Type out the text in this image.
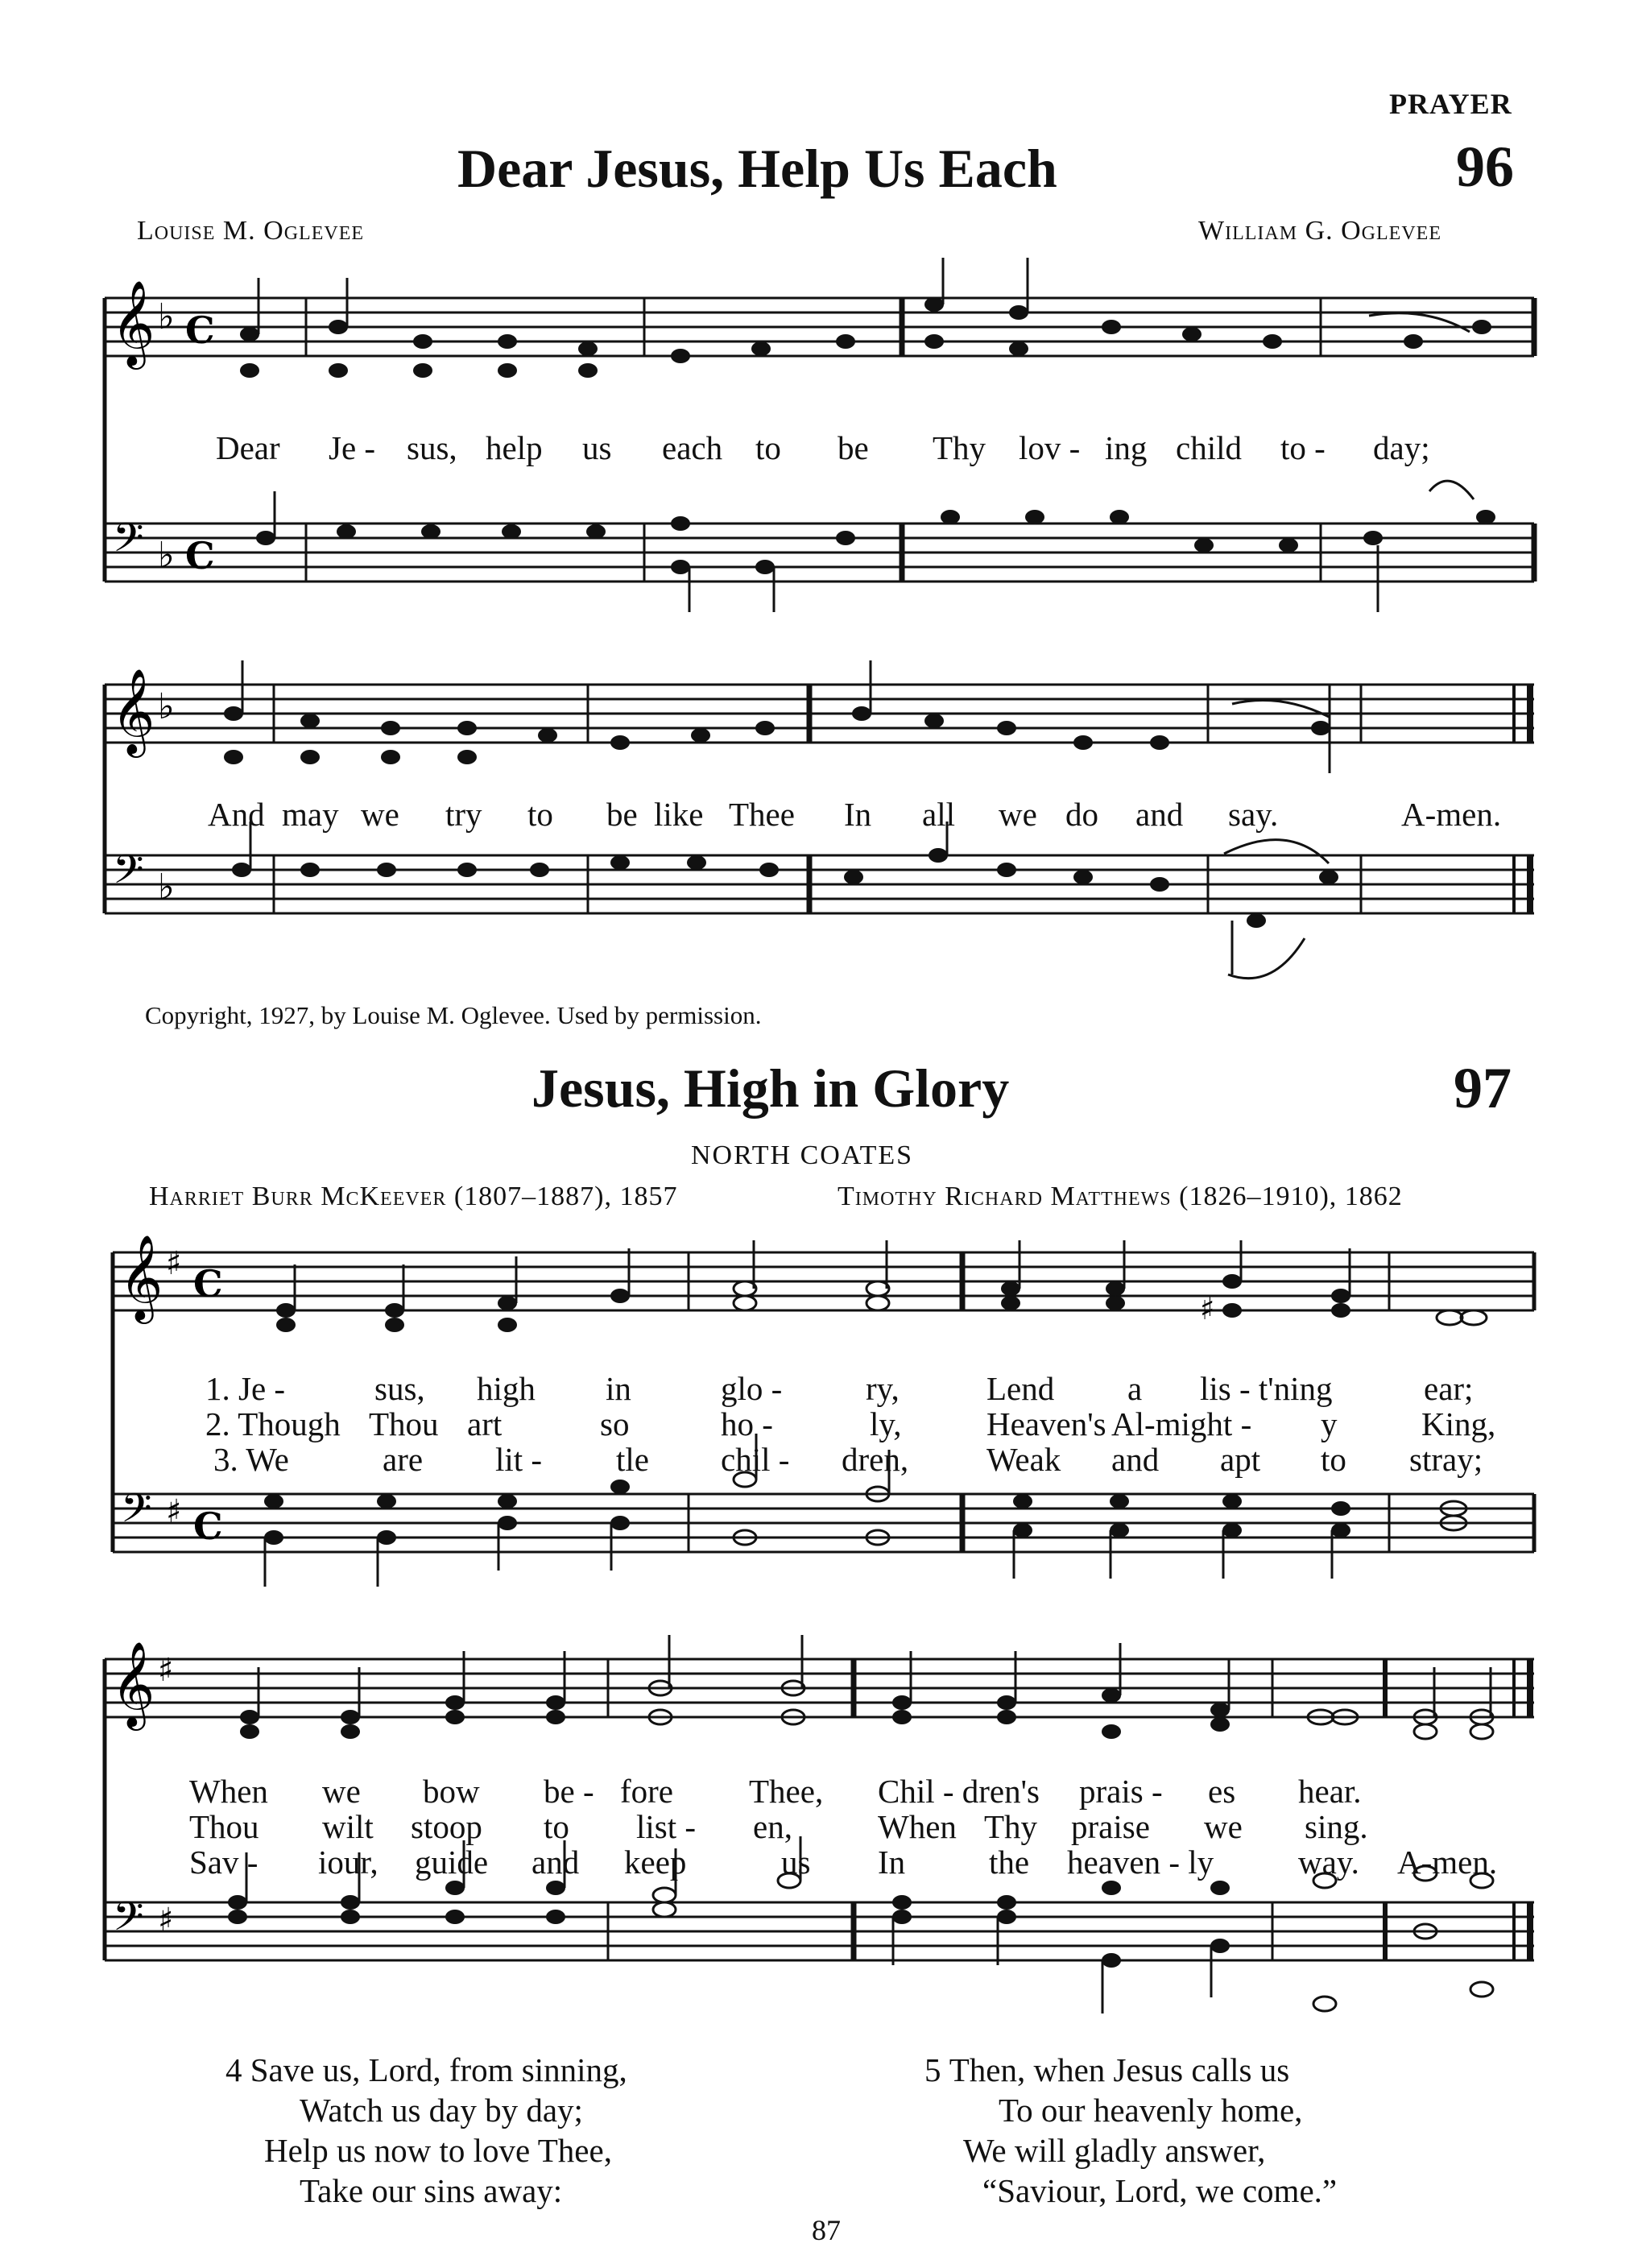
PRAYER
Dear Jesus, Help Us Each	96
Louise M. Oglevee	William G. Oglevee
𝄞 ♭ C
𝄢 ♭ C
Dear Je - sus, help us each to be Thy lov - ing child to - day;
𝄞 ♭
𝄢 ♭
And may we try to be like Thee In all we do and say.	A-men.
Copyright, 1927, by Louise M. Oglevee. Used by permission.
Jesus, High in Glory	97
NORTH COATES
Harriet Burr McKeever (1807–1887), 1857	Timothy Richard Matthews (1826–1910), 1862
𝄞 ♯ C
𝄢 ♯ C
♯
1. Je -	sus, high in	glo -	ry,	Lend a lis - t'ning	ear;
2. Though Thou art	so	ho -	ly,	Heaven's Al-might - y	King,
3. We	are lit - tle chil - dren, Weak and apt to stray;
𝄞 ♯
𝄢 ♯
When we bow be - fore Thee, Chil - dren's prais - es hear.
Thou wilt stoop to list - en,	When Thy praise we sing.
Sav - iour, guide and keep	us In	the heaven - ly	way. A-men.
4 Save us, Lord, from sinning,
Watch us day by day;
Help us now to love Thee,
Take our sins away:
5 Then, when Jesus calls us
To our heavenly home,
We will gladly answer,
“Saviour, Lord, we come.”
87
